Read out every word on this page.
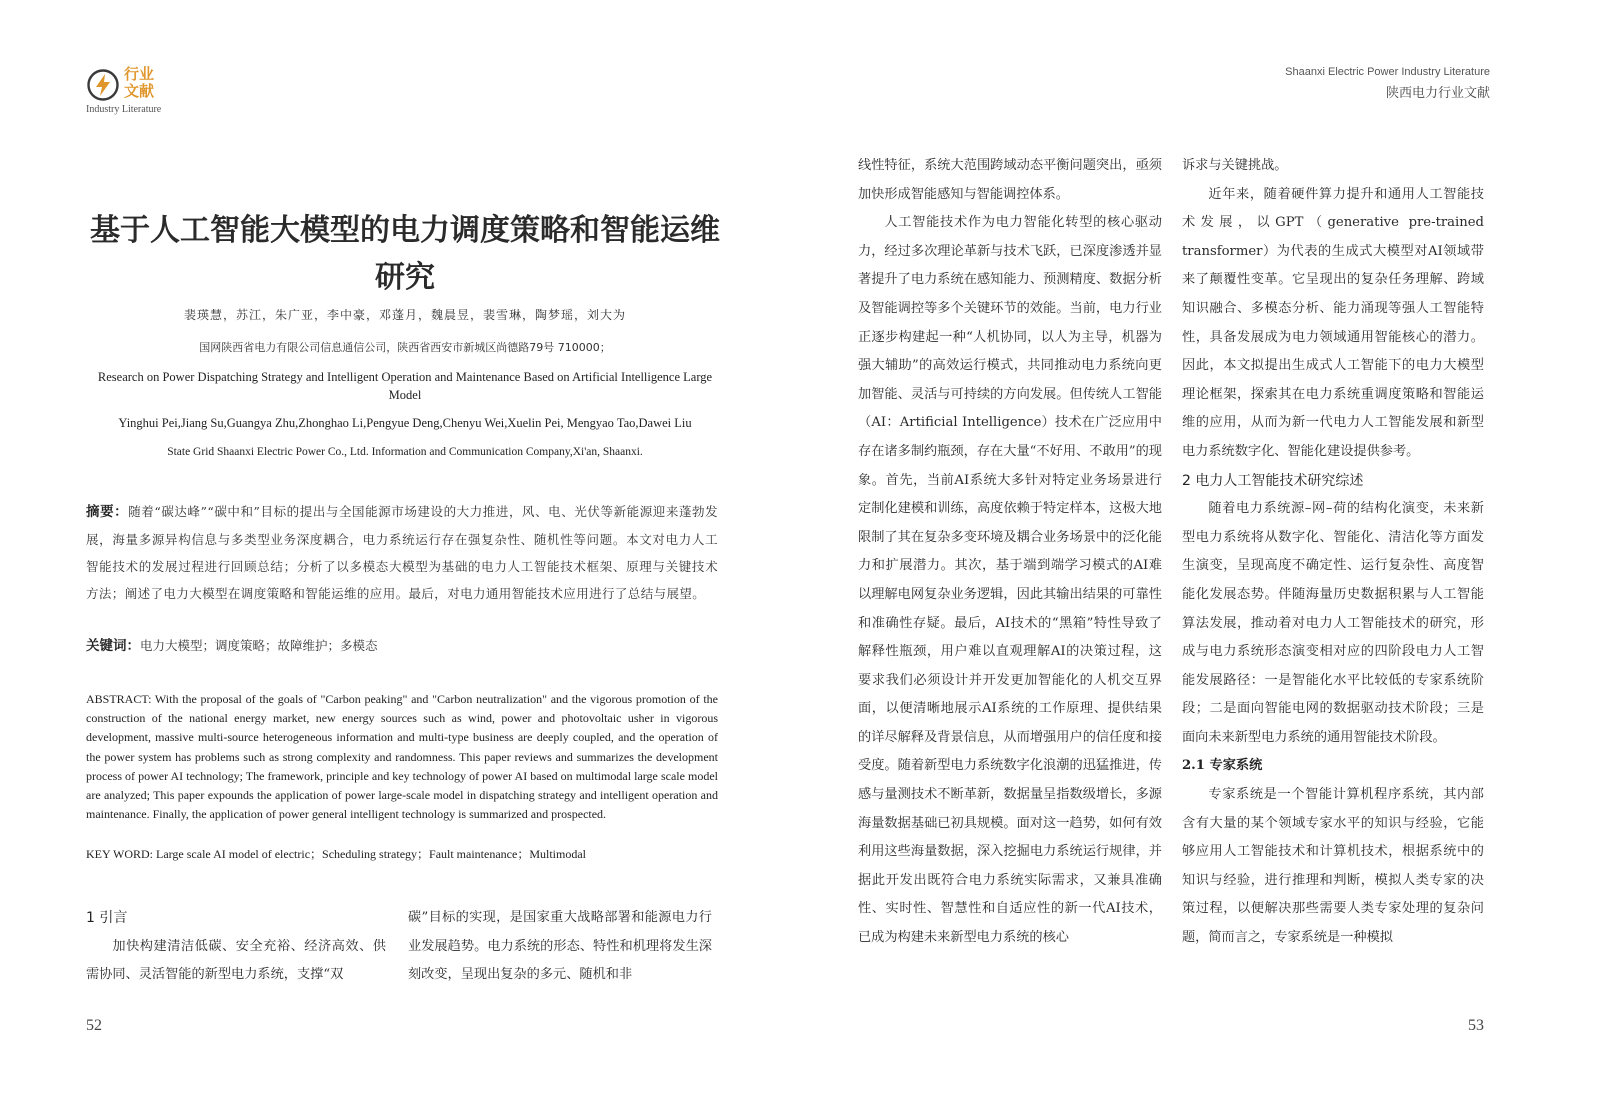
行业
文献
Industry Literature
Shaanxi Electric Power Industry Literature
陕西电力行业文献
基于人工智能大模型的电力调度策略和智能运维研究
裴瑛慧，苏江，朱广亚，李中豪，邓蓬月，魏晨昱，裴雪琳，陶梦瑶，刘大为
国网陕西省电力有限公司信息通信公司，陕西省西安市新城区尚德路79号 710000；
Research on Power Dispatching Strategy and Intelligent Operation and Maintenance Based on Artificial Intelligence Large Model
Yinghui Pei,Jiang Su,Guangya Zhu,Zhonghao Li,Pengyue Deng,Chenyu Wei,Xuelin Pei, Mengyao Tao,Dawei Liu
State Grid Shaanxi Electric Power Co., Ltd. Information and Communication Company,Xi'an, Shaanxi.
摘要：随着“碳达峰”“碳中和”目标的提出与全国能源市场建设的大力推进，风、电、光伏等新能源迎来蓬勃发展，海量多源异构信息与多类型业务深度耦合，电力系统运行存在强复杂性、随机性等问题。本文对电力人工智能技术的发展过程进行回顾总结；分析了以多模态大模型为基础的电力人工智能技术框架、原理与关键技术方法；阐述了电力大模型在调度策略和智能运维的应用。最后，对电力通用智能技术应用进行了总结与展望。
关键词：电力大模型；调度策略；故障维护；多模态
ABSTRACT: With the proposal of the goals of "Carbon peaking" and "Carbon neutralization" and the vigorous promotion of the construction of the national energy market, new energy sources such as wind, power and photovoltaic usher in vigorous development, massive multi-source heterogeneous information and multi-type business are deeply coupled, and the operation of the power system has problems such as strong complexity and randomness. This paper reviews and summarizes the development process of power AI technology; The framework, principle and key technology of power AI based on multimodal large scale model are analyzed; This paper expounds the application of power large-scale model in dispatching strategy and intelligent operation and maintenance. Finally, the application of power general intelligent technology is summarized and prospected.
KEY WORD: Large scale AI model of electric；Scheduling strategy；Fault maintenance；Multimodal

1 引言

加快构建清洁低碳、安全充裕、经济高效、供需协同、灵活智能的新型电力系统，支撑“双

碳”目标的实现，是国家重大战略部署和能源电力行业发展趋势。电力系统的形态、特性和机理将发生深刻改变，呈现出复杂的多元、随机和非

线性特征，系统大范围跨域动态平衡问题突出，亟须加快形成智能感知与智能调控体系。

人工智能技术作为电力智能化转型的核心驱动力，经过多次理论革新与技术飞跃，已深度渗透并显著提升了电力系统在感知能力、预测精度、数据分析及智能调控等多个关键环节的效能。当前，电力行业正逐步构建起一种“人机协同，以人为主导，机器为强大辅助”的高效运行模式，共同推动电力系统向更加智能、灵活与可持续的方向发展。但传统人工智能（AI：Artificial Intelligence）技术在广泛应用中存在诸多制约瓶颈，存在大量“不好用、不敢用”的现象。首先，当前AI系统大多针对特定业务场景进行定制化建模和训练，高度依赖于特定样本，这极大地限制了其在复杂多变环境及耦合业务场景中的泛化能力和扩展潜力。其次，基于端到端学习模式的AI难以理解电网复杂业务逻辑，因此其输出结果的可靠性和准确性存疑。最后，AI技术的“黑箱”特性导致了解释性瓶颈，用户难以直观理解AI的决策过程，这要求我们必须设计并开发更加智能化的人机交互界面，以便清晰地展示AI系统的工作原理、提供结果的详尽解释及背景信息，从而增强用户的信任度和接受度。随着新型电力系统数字化浪潮的迅猛推进，传感与量测技术不断革新，数据量呈指数级增长，多源海量数据基础已初具规模。面对这一趋势，如何有效利用这些海量数据，深入挖掘电力系统运行规律，并据此开发出既符合电力系统实际需求，又兼具准确性、实时性、智慧性和自适应性的新一代AI技术，已成为构建未来新型电力系统的核心

诉求与关键挑战。

近年来，随着硬件算力提升和通用人工智能技术发展，以GPT（generative pre-trained transformer）为代表的生成式大模型对AI领域带来了颠覆性变革。它呈现出的复杂任务理解、跨域知识融合、多模态分析、能力涌现等强人工智能特性，具备发展成为电力领域通用智能核心的潜力。因此，本文拟提出生成式人工智能下的电力大模型理论框架，探索其在电力系统重调度策略和智能运维的应用，从而为新一代电力人工智能发展和新型电力系统数字化、智能化建设提供参考。

2 电力人工智能技术研究综述

随着电力系统源–网–荷的结构化演变，未来新型电力系统将从数字化、智能化、清洁化等方面发生演变，呈现高度不确定性、运行复杂性、高度智能化发展态势。伴随海量历史数据积累与人工智能算法发展，推动着对电力人工智能技术的研究，形成与电力系统形态演变相对应的四阶段电力人工智能发展路径：一是智能化水平比较低的专家系统阶段；二是面向智能电网的数据驱动技术阶段；三是面向未来新型电力系统的通用智能技术阶段。

2.1 专家系统

专家系统是一个智能计算机程序系统，其内部含有大量的某个领域专家水平的知识与经验，它能够应用人工智能技术和计算机技术，根据系统中的知识与经验，进行推理和判断，模拟人类专家的决策过程，以便解决那些需要人类专家处理的复杂问题，简而言之，专家系统是一种模拟

52	53
